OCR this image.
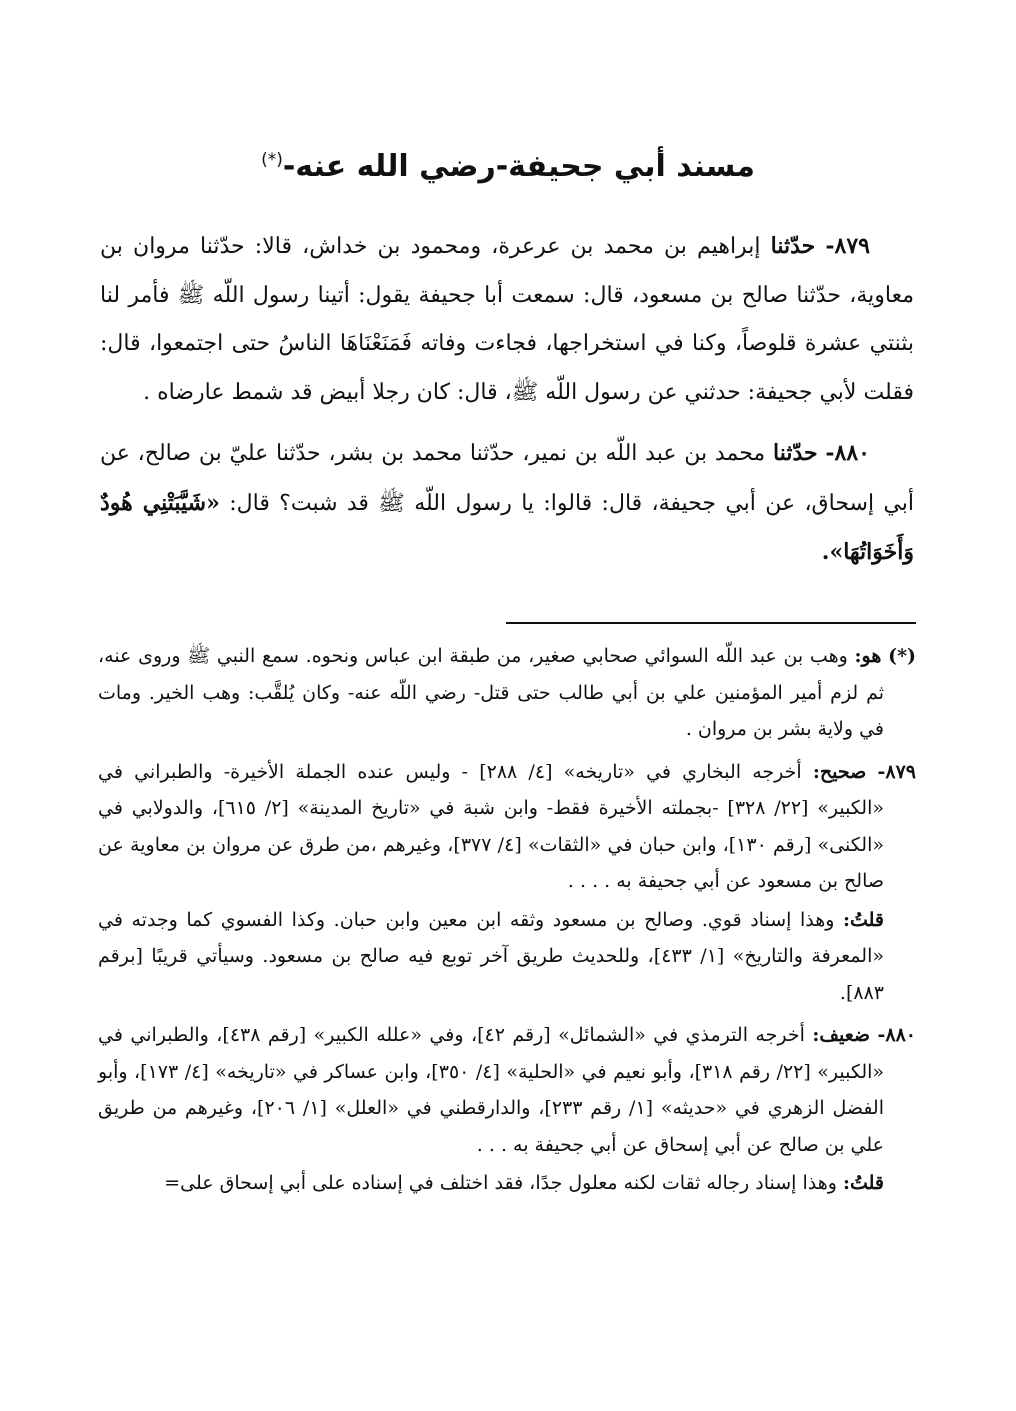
مسند أبي جحيفة-رضي الله عنه-(*)

٨٧٩- حدّثنا إبراهيم بن محمد بن عرعرة، ومحمود بن خداش، قالا: حدّثنا مروان بن معاوية، حدّثنا صالح بن مسعود، قال: سمعت أبا جحيفة يقول: أتينا رسول اللّه ﷺ فأمر لنا بثنتي عشرة قلوصاً، وكنا في استخراجها، فجاءت وفاته فَمَنَعْنَاهَا الناسُ حتى اجتمعوا، قال: فقلت لأبي جحيفة: حدثني عن رسول اللّه ﷺ، قال: كان رجلا أبيض قد شمط عارضاه .

٨٨٠- حدّثنا محمد بن عبد اللّه بن نمير، حدّثنا محمد بن بشر، حدّثنا عليّ بن صالح، عن أبي إسحاق، عن أبي جحيفة، قال: قالوا: يا رسول اللّه ﷺ قد شبت؟ قال: «شَيَّبَتْنِي هُودٌ وَأَخَوَاتُهَا».

(*) هو: وهب بن عبد اللّه السوائي صحابي صغير، من طبقة ابن عباس ونحوه. سمع النبي ﷺ وروى عنه، ثم لزم أمير المؤمنين علي بن أبي طالب حتى قتل- رضي اللّه عنه- وكان يُلقَّب: وهب الخير. ومات في ولاية بشر بن مروان .

٨٧٩- صحيح: أخرجه البخاري في «تاريخه» [٤/ ٢٨٨] - وليس عنده الجملة الأخيرة- والطبراني في «الكبير» [٢٢/ ٣٢٨] -بجملته الأخيرة فقط- وابن شبة في «تاريخ المدينة» [٢/ ٦١٥]، والدولابي في «الكنى» [رقم ١٣٠]، وابن حبان في «الثقات» [٤/ ٣٧٧]، وغيرهم ،من طرق عن مروان بن معاوية عن صالح بن مسعود عن أبي جحيفة به . . . .

قلتُ: وهذا إسناد قوي. وصالح بن مسعود وثقه ابن معين وابن حبان. وكذا الفسوي كما وجدته في «المعرفة والتاريخ» [١/ ٤٣٣]، وللحديث طريق آخر توبع فيه صالح بن مسعود. وسيأتي قريبًا [برقم ٨٨٣].

٨٨٠- ضعيف: أخرجه الترمذي في «الشمائل» [رقم ٤٢]، وفي «علله الكبير» [رقم ٤٣٨]، والطبراني في «الكبير» [٢٢/ رقم ٣١٨]، وأبو نعيم في «الحلية» [٤/ ٣٥٠]، وابن عساكر في «تاريخه» [٤/ ١٧٣]، وأبو الفضل الزهري في «حديثه» [١/ رقم ٢٣٣]، والدارقطني في «العلل» [١/ ٢٠٦]، وغيرهم من طريق علي بن صالح عن أبي إسحاق عن أبي جحيفة به . . .

قلتُ: وهذا إسناد رجاله ثقات لكنه معلول جدًا، فقد اختلف في إسناده على أبي إسحاق على=
